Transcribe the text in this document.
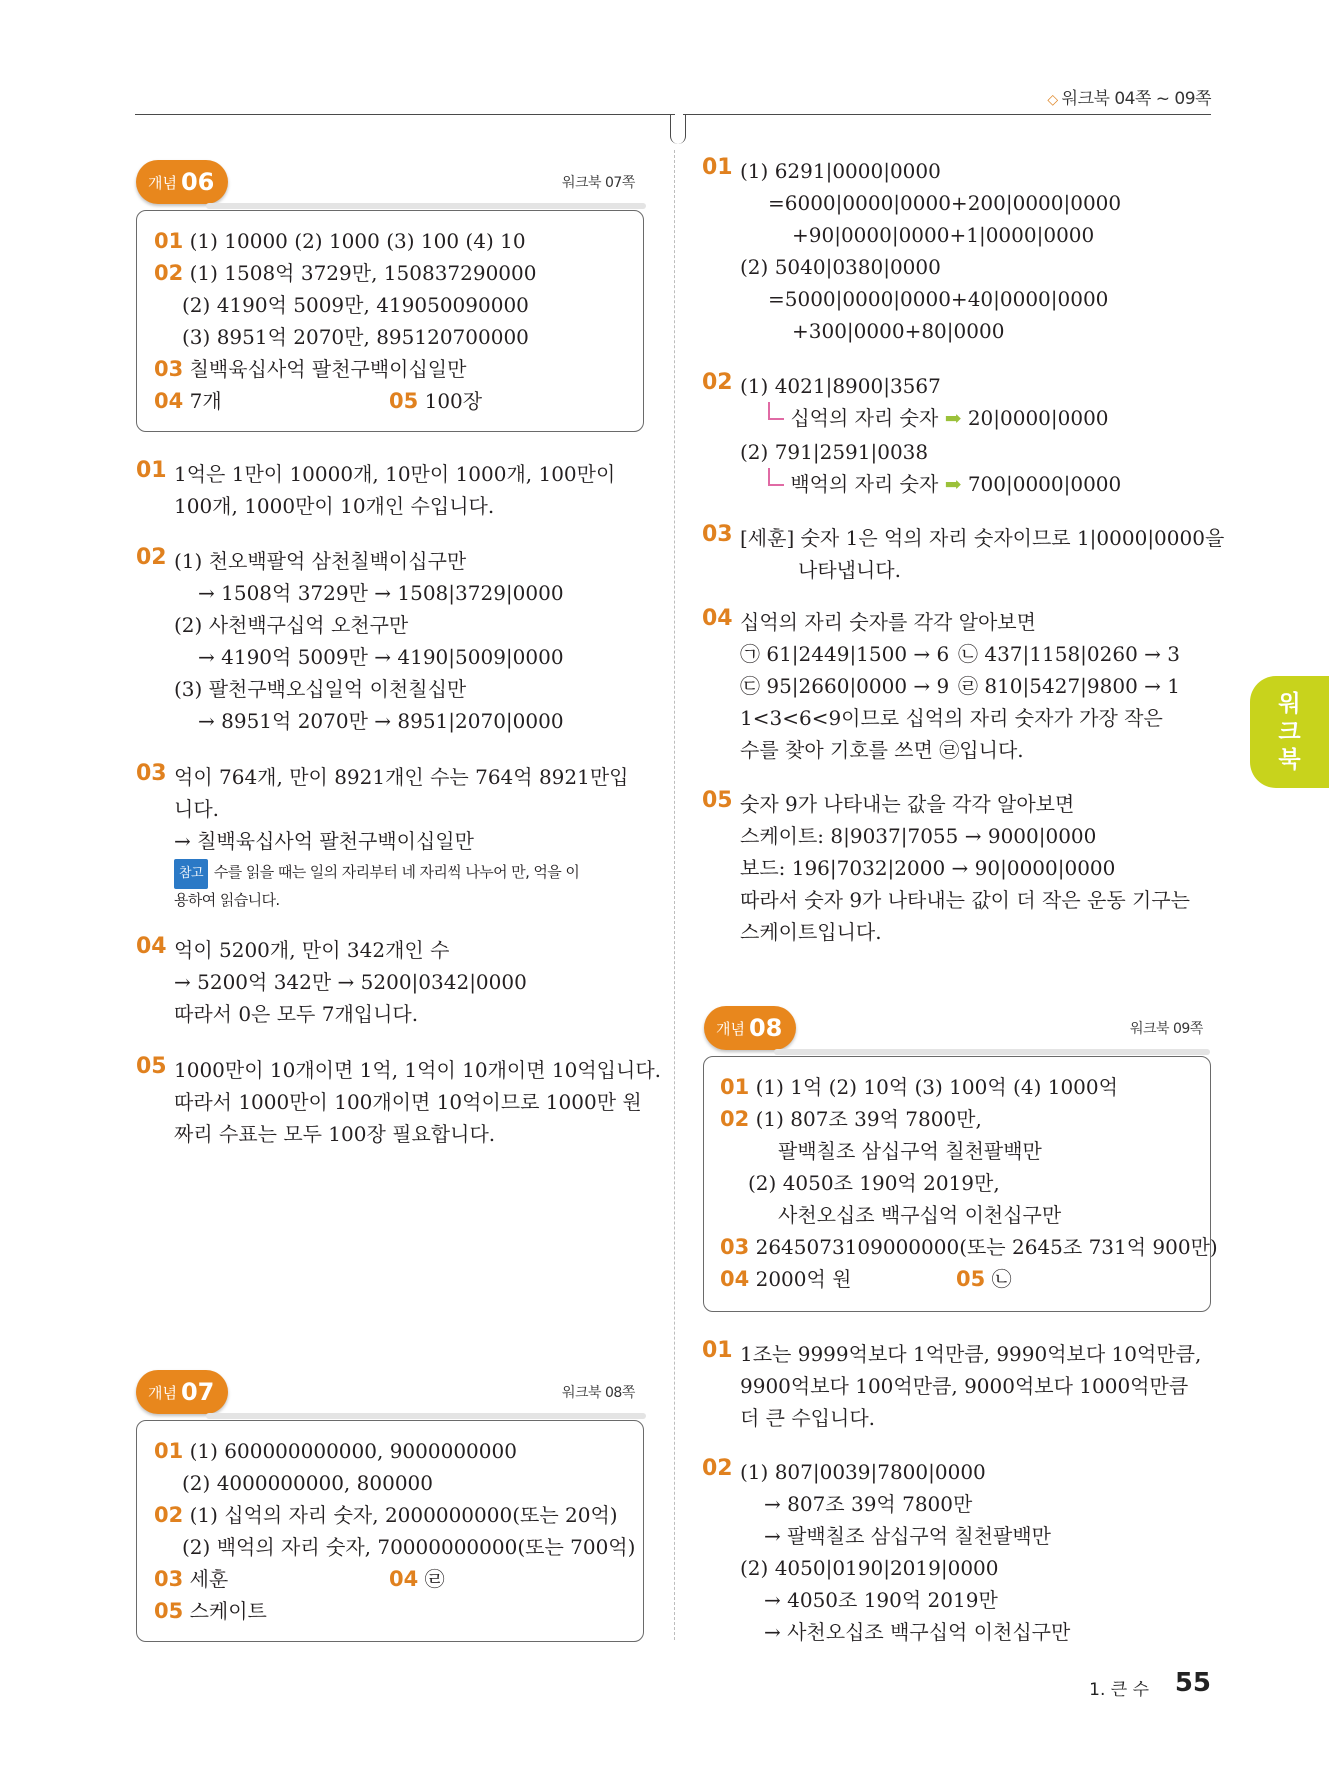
◇ 워크북 04쪽 ~ 09쪽
워
크
북
개념 06	워크북 07쪽
01 (1) 10000 (2) 1000 (3) 100 (4) 10
02 (1) 1508억 3729만, 150837290000
(2) 4190억 5009만, 419050090000
(3) 8951억 2070만, 895120700000
03 칠백육십사억 팔천구백이십일만
04 7개	05 100장
01 1억은 1만이 10000개, 10만이 1000개, 100만이
100개, 1000만이 10개인 수입니다.
02 (1) 천오백팔억 삼천칠백이십구만
→ 1508억 3729만 → 1508|3729|0000
(2) 사천백구십억 오천구만
→ 4190억 5009만 → 4190|5009|0000
(3) 팔천구백오십일억 이천칠십만
→ 8951억 2070만 → 8951|2070|0000
03 억이 764개, 만이 8921개인 수는 764억 8921만입
니다.
→ 칠백육십사억 팔천구백이십일만
참고 수를 읽을 때는 일의 자리부터 네 자리씩 나누어 만, 억을 이
용하여 읽습니다.
04 억이 5200개, 만이 342개인 수
→ 5200억 342만 → 5200|0342|0000
따라서 0은 모두 7개입니다.
05 1000만이 10개이면 1억, 1억이 10개이면 10억입니다.
따라서 1000만이 100개이면 10억이므로 1000만 원
짜리 수표는 모두 100장 필요합니다.
개념 07	워크북 08쪽
01 (1) 600000000000, 9000000000
(2) 4000000000, 800000
02 (1) 십억의 자리 숫자, 2000000000(또는 20억)
(2) 백억의 자리 숫자, 70000000000(또는 700억)
03 세훈	04 ㉣
05 스케이트
01 (1) 6291|0000|0000
=6000|0000|0000+200|0000|0000
+90|0000|0000+1|0000|0000
(2) 5040|0380|0000
=5000|0000|0000+40|0000|0000
+300|0000+80|0000
02 (1) 4021|8900|3567
십억의 자리 숫자 ➡ 20|0000|0000
(2) 791|2591|0038
백억의 자리 숫자 ➡ 700|0000|0000
03 [세훈] 숫자 1은 억의 자리 숫자이므로 1|0000|0000을
나타냅니다.
04 십억의 자리 숫자를 각각 알아보면
㉠ 61|2449|1500 → 6 ㉡ 437|1158|0260 → 3
㉢ 95|2660|0000 → 9 ㉣ 810|5427|9800 → 1
1<3<6<9이므로 십억의 자리 숫자가 가장 작은
수를 찾아 기호를 쓰면 ㉣입니다.
05 숫자 9가 나타내는 값을 각각 알아보면
스케이트: 8|9037|7055 → 9000|0000
보드: 196|7032|2000 → 90|0000|0000
따라서 숫자 9가 나타내는 값이 더 작은 운동 기구는
스케이트입니다.
개념 08	워크북 09쪽
01 (1) 1억 (2) 10억 (3) 100억 (4) 1000억
02 (1) 807조 39억 7800만,
팔백칠조 삼십구억 칠천팔백만
(2) 4050조 190억 2019만,
사천오십조 백구십억 이천십구만
03 2645073109000000(또는 2645조 731억 900만)
04 2000억 원	05 ㉡
01 1조는 9999억보다 1억만큼, 9990억보다 10억만큼,
9900억보다 100억만큼, 9000억보다 1000억만큼
더 큰 수입니다.
02 (1) 807|0039|7800|0000
→ 807조 39억 7800만
→ 팔백칠조 삼십구억 칠천팔백만
(2) 4050|0190|2019|0000
→ 4050조 190억 2019만
→ 사천오십조 백구십억 이천십구만
1. 큰 수 55
